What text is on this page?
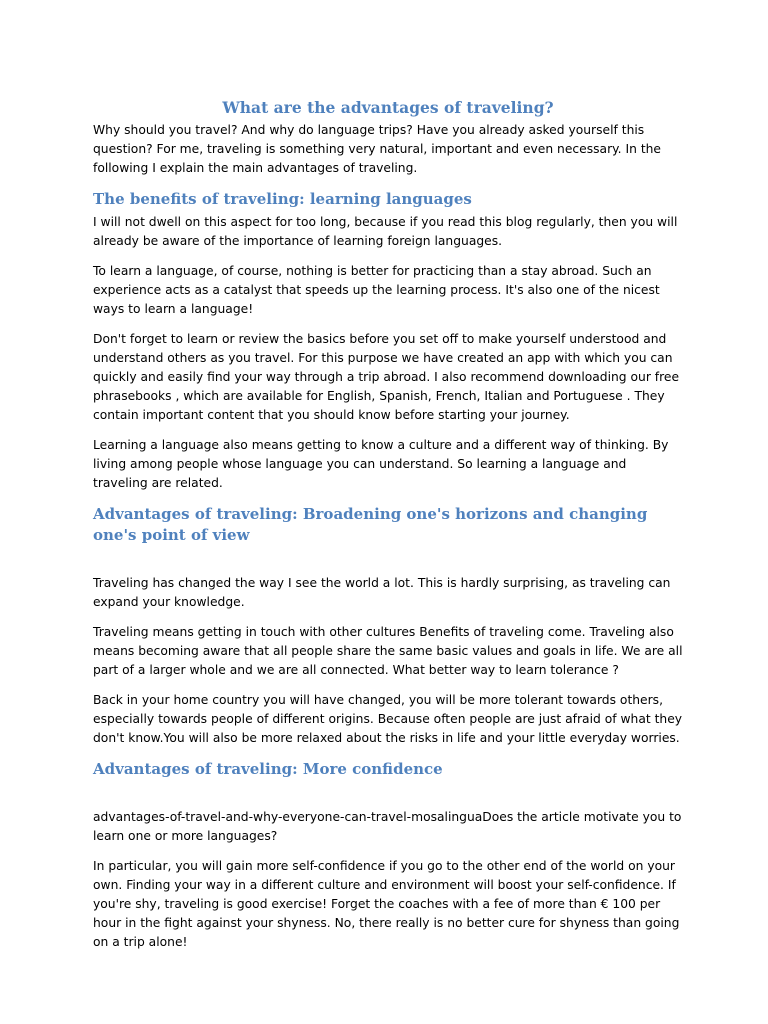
What are the advantages of traveling?
Why should you travel? And why do language trips? Have you already asked yourself this question? For me, traveling is something very natural, important and even necessary. In the following I explain the main advantages of traveling.
The benefits of traveling: learning languages
I will not dwell on this aspect for too long, because if you read this blog regularly, then you will already be aware of the importance of learning foreign languages.
To learn a language, of course, nothing is better for practicing than a stay abroad. Such an experience acts as a catalyst that speeds up the learning process. It's also one of the nicest ways to learn a language!
Don't forget to learn or review the basics before you set off to make yourself understood and understand others as you travel. For this purpose we have created an app with which you can quickly and easily find your way through a trip abroad. I also recommend downloading our free phrasebooks , which are available for English, Spanish, French, Italian and Portuguese . They contain important content that you should know before starting your journey.
Learning a language also means getting to know a culture and a different way of thinking. By living among people whose language you can understand. So learning a language and traveling are related.
Advantages of traveling: Broadening one's horizons and changing one's point of view
Traveling has changed the way I see the world a lot. This is hardly surprising, as traveling can expand your knowledge.
Traveling means getting in touch with other cultures Benefits of traveling come. Traveling also means becoming aware that all people share the same basic values and goals in life. We are all part of a larger whole and we are all connected. What better way to learn tolerance ?
Back in your home country you will have changed, you will be more tolerant towards others, especially towards people of different origins. Because often people are just afraid of what they don't know.You will also be more relaxed about the risks in life and your little everyday worries.
Advantages of traveling: More confidence
advantages-of-travel-and-why-everyone-can-travel-mosalinguaDoes the article motivate you to learn one or more languages?
In particular, you will gain more self-confidence if you go to the other end of the world on your own. Finding your way in a different culture and environment will boost your self-confidence. If you're shy, traveling is good exercise! Forget the coaches with a fee of more than € 100 per hour in the fight against your shyness. No, there really is no better cure for shyness than going on a trip alone!
